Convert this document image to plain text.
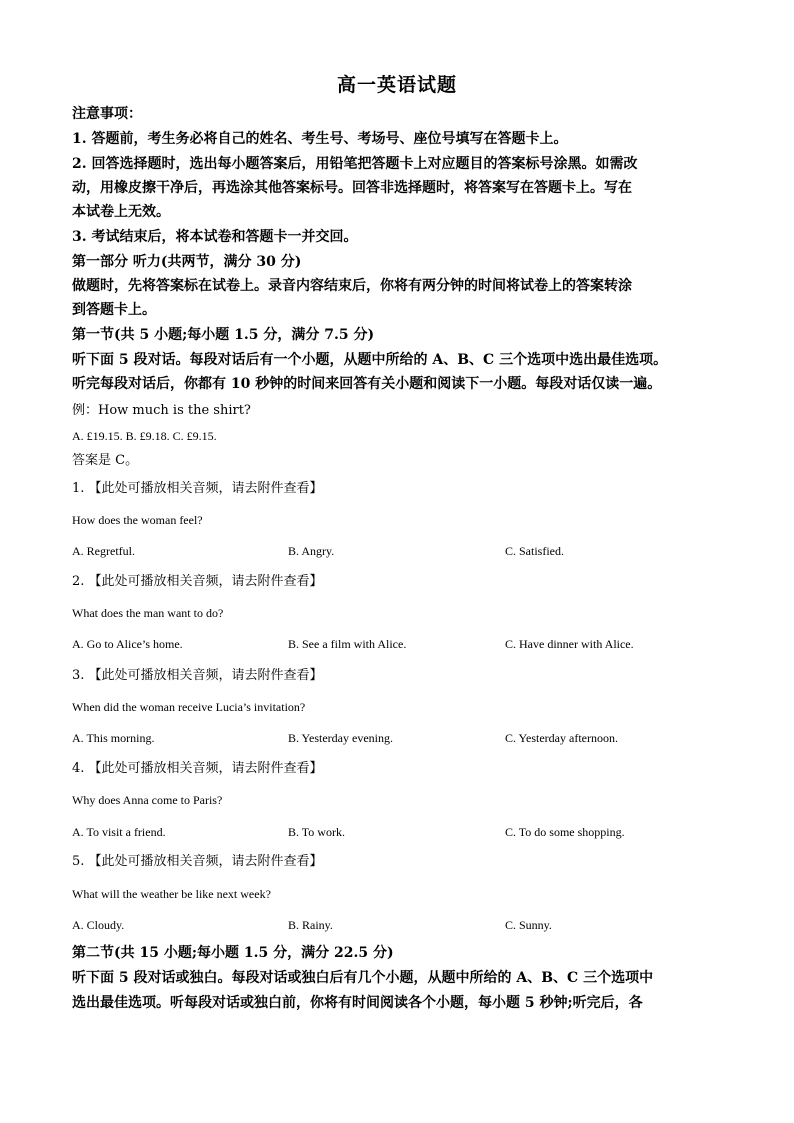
高一英语试题
注意事项：
1. 答题前，考生务必将自己的姓名、考生号、考场号、座位号填写在答题卡上。
2. 回答选择题时，选出每小题答案后，用铅笔把答题卡上对应题目的答案标号涂黑。如需改
动，用橡皮擦干净后，再选涂其他答案标号。回答非选择题时，将答案写在答题卡上。写在
本试卷上无效。
3. 考试结束后，将本试卷和答题卡一并交回。
第一部分 听力(共两节，满分 30 分)
做题时，先将答案标在试卷上。录音内容结束后，你将有两分钟的时间将试卷上的答案转涂
到答题卡上。
第一节(共 5 小题;每小题 1.5 分，满分 7.5 分)
听下面 5 段对话。每段对话后有一个小题，从题中所给的 A、B、C 三个选项中选出最佳选项。
听完每段对话后，你都有 10 秒钟的时间来回答有关小题和阅读下一小题。每段对话仅读一遍。
例：How much is the shirt?
A. £19.15. B. £9.18. C. £9.15.
答案是 C。
1. 【此处可播放相关音频，请去附件查看】
How does the woman feel?
A. Regretful.	B. Angry.	C. Satisfied.
2. 【此处可播放相关音频，请去附件查看】
What does the man want to do?
A. Go to Alice’s home.	B. See a film with Alice.	C. Have dinner with Alice.
3. 【此处可播放相关音频，请去附件查看】
When did the woman receive Lucia’s invitation?
A. This morning.	B. Yesterday evening.	C. Yesterday afternoon.
4. 【此处可播放相关音频，请去附件查看】
Why does Anna come to Paris?
A. To visit a friend.	B. To work.	C. To do some shopping.
5. 【此处可播放相关音频，请去附件查看】
What will the weather be like next week?
A. Cloudy.	B. Rainy.	C. Sunny.
第二节(共 15 小题;每小题 1.5 分，满分 22.5 分)
听下面 5 段对话或独白。每段对话或独白后有几个小题，从题中所给的 A、B、C 三个选项中
选出最佳选项。听每段对话或独白前，你将有时间阅读各个小题，每小题 5 秒钟;听完后，各
